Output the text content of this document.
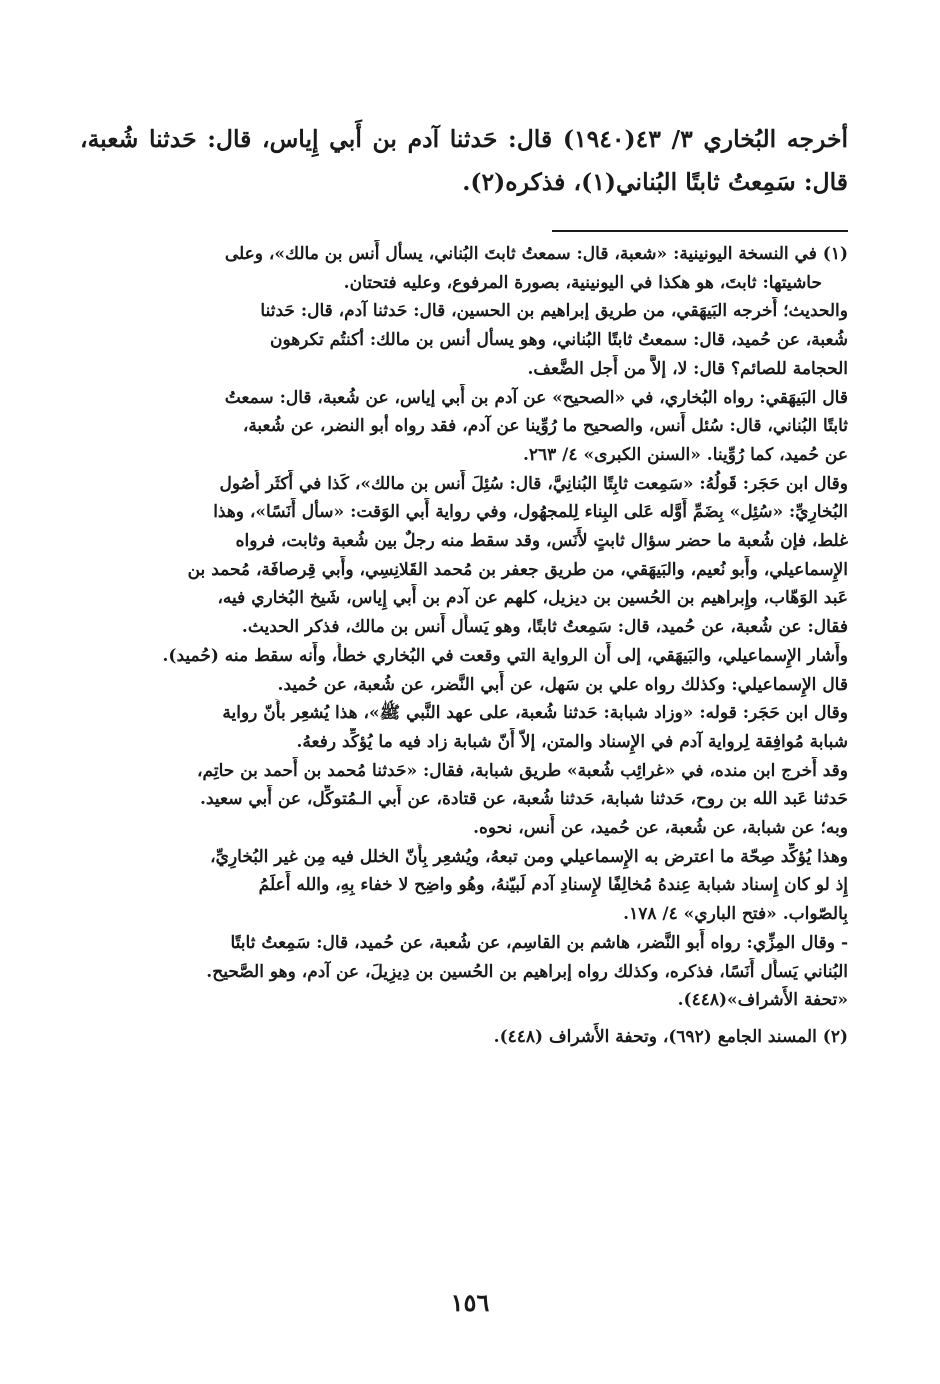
أخرجه البُخاري ٣/ ٤٣(١٩٤٠) قال: حَدثنا آدم بن أَبي إِياس، قال: حَدثنا شُعبة، قال: سَمِعتُ ثابتًا البُناني(١)، فذكره(٢).

(١) في النسخة اليونينية: «شعبة، قال: سمعتُ ثابتَ البُناني، يسأل أَنس بن مالك»، وعلى
حاشيتها: ثابتَ، هو هكذا في اليونينية، بصورة المرفوع، وعليه فتحتان.
والحديث؛ أَخرجه البَيهَقي، من طريق إبراهيم بن الحسين، قال: حَدثنا آدم، قال: حَدثنا
شُعبة، عن حُميد، قال: سمعتُ ثابتًا البُناني، وهو يسأل أنس بن مالك: أكنتُم تكرهون
الحجامة للصائم؟ قال: لا، إلاَّ من أَجل الضَّعف.
قال البَيهَقي: رواه البُخاري، في «الصحيح» عن آدم بن أَبي إياس، عن شُعبة، قال: سمعتُ
ثابتًا البُناني، قال: سُئل أَنس، والصحيح ما رُوِّينا عن آدم، فقد رواه أبو النضر، عن شُعبة،
عن حُميد، كما رُوِّينا. «السنن الكبرى» ٤/ ٢٦٣.
وقال ابن حَجَر: قَولُهُ: «سَمِعت ثابِتًا البُنانِيَّ، قال: سُئِلَ أَنس بن مالك»، كَذا في أَكثَر أُصُول
البُخارِيِّ: «سُئِل» بِضَمِّ أَوَّله عَلى البِناء لِلمجهُول، وفي رواية أَبي الوَقت: «سأل أَنَسًا»، وهذا
غلط، فإن شُعبة ما حضر سؤال ثابتٍ لأَنَس، وقد سقط منه رجلٌ بين شُعبة وثابت، فرواه
الإِسماعيلي، وأَبو نُعيم، والبَيهَقي، من طريق جعفر بن مُحمد القَلانِسِي، وأَبي قِرصافَة، مُحمد بن
عَبد الوَهّاب، وإِبراهيم بن الحُسين بن ديزيل، كلهم عن آدم بن أَبي إِياس، شَيخ البُخاري فيه،
فقال: عن شُعبة، عن حُميد، قال: سَمِعتُ ثابتًا، وهو يَسأَل أَنس بن مالك، فذكر الحديث.
وأَشار الإِسماعيلي، والبَيهَقي، إلى أَن الرواية التي وقعت في البُخاري خطأً، وأَنه سقط منه (حُميد).
قال الإِسماعيلي: وكذلك رواه علي بن سَهل، عن أَبي النَّضر، عن شُعبة، عن حُميد.
وقال ابن حَجَر: قوله: «وزاد شبابة: حَدثنا شُعبة، على عهد النَّبي ﷺ»، هذا يُشعِر بأَنّ رواية
شبابة مُوافِقة لِرواية آدم في الإِسناد والمتن، إلاّ أَنّ شبابة زاد فيه ما يُؤكِّد رفعهُ.
وقد أَخرج ابن منده، في «غرائِب شُعبة» طريق شبابة، فقال: «حَدثنا مُحمد بن أَحمد بن حاتِم،
حَدثنا عَبد الله بن روح، حَدثنا شبابة، حَدثنا شُعبة، عن قتادة، عن أَبي الـمُتوكِّل، عن أَبي سعيد.
وبه؛ عن شبابة، عن شُعبة، عن حُميد، عن أَنس، نحوه.
وهذا يُؤكِّد صِحّة ما اعترض به الإِسماعيلي ومن تبعهُ، ويُشعِر بِأَنّ الخلل فيه مِن غير البُخارِيِّ،
إِذ لو كان إِسناد شبابة عِندهُ مُخالِفًا لإِسنادِ آدم لَبيّنهُ، وهُو واضِح لا خفاء بِهِ، والله أَعلَمُ
بِالصّواب. «فتح الباري» ٤/ ١٧٨.
- وقال المِزِّي: رواه أَبو النَّضر، هاشم بن القاسِم، عن شُعبة، عن حُميد، قال: سَمِعتُ ثابتًا
البُناني يَسأَل أَنَسًا، فذكره، وكذلك رواه إبراهيم بن الحُسين بن دِيزِيلَ، عن آدم، وهو الصَّحيح.
«تحفة الأَشراف»(٤٤٨).
(٢) المسند الجامع (٦٩٢)، وتحفة الأَشراف (٤٤٨).
١٥٦
